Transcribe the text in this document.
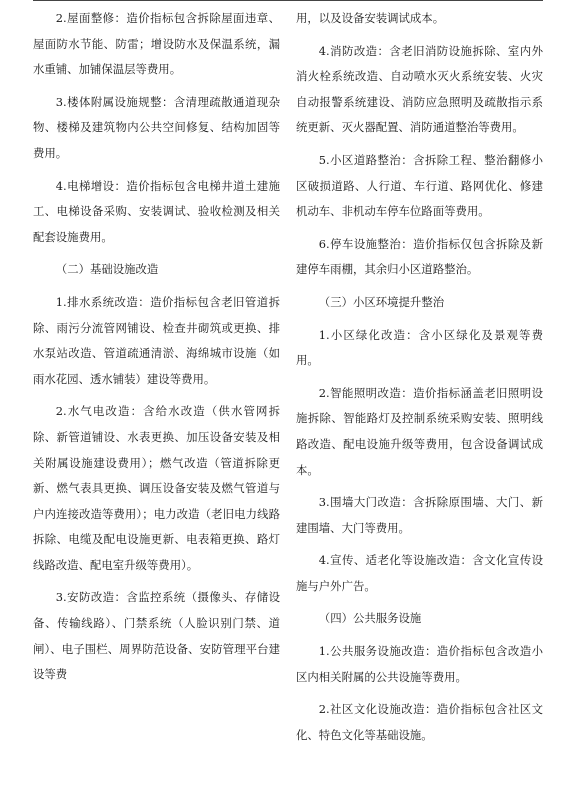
2.屋面整修：造价指标包含拆除屋面违章、屋面防水节能、防雷；增设防水及保温系统，漏水重铺、加铺保温层等费用。

3.楼体附属设施规整：含清理疏散通道现杂物、楼梯及建筑物内公共空间修复、结构加固等费用。

4.电梯增设：造价指标包含电梯井道土建施工、电梯设备采购、安装调试、验收检测及相关配套设施费用。

（二）基础设施改造

1.排水系统改造：造价指标包含老旧管道拆除、雨污分流管网铺设、检查井砌筑或更换、排水泵站改造、管道疏通清淤、海绵城市设施（如雨水花园、透水铺装）建设等费用。

2.水气电改造：含给水改造（供水管网拆除、新管道铺设、水表更换、加压设备安装及相关附属设施建设费用）；燃气改造（管道拆除更新、燃气表具更换、调压设备安装及燃气管道与户内连接改造等费用）；电力改造（老旧电力线路拆除、电缆及配电设施更新、电表箱更换、路灯线路改造、配电室升级等费用）。

3.安防改造：含监控系统（摄像头、存储设备、传输线路）、门禁系统（人脸识别门禁、道闸）、电子围栏、周界防范设备、安防管理平台建设等费

用，以及设备安装调试成本。

4.消防改造：含老旧消防设施拆除、室内外消火栓系统改造、自动喷水灭火系统安装、火灾自动报警系统建设、消防应急照明及疏散指示系统更新、灭火器配置、消防通道整治等费用。

5.小区道路整治：含拆除工程、整治翻修小区破损道路、人行道、车行道、路网优化、修建机动车、非机动车停车位路面等费用。

6.停车设施整治：造价指标仅包含拆除及新建停车雨棚，其余归小区道路整治。

（三）小区环境提升整治

1.小区绿化改造：含小区绿化及景观等费用。

2.智能照明改造：造价指标涵盖老旧照明设施拆除、智能路灯及控制系统采购安装、照明线路改造、配电设施升级等费用，包含设备调试成本。

3.围墙大门改造：含拆除原围墙、大门、新建围墙、大门等费用。

4.宣传、适老化等设施改造：含文化宣传设施与户外广告。

（四）公共服务设施

1.公共服务设施改造：造价指标包含改造小区内相关附属的公共设施等费用。

2.社区文化设施改造：造价指标包含社区文化、特色文化等基础设施。
